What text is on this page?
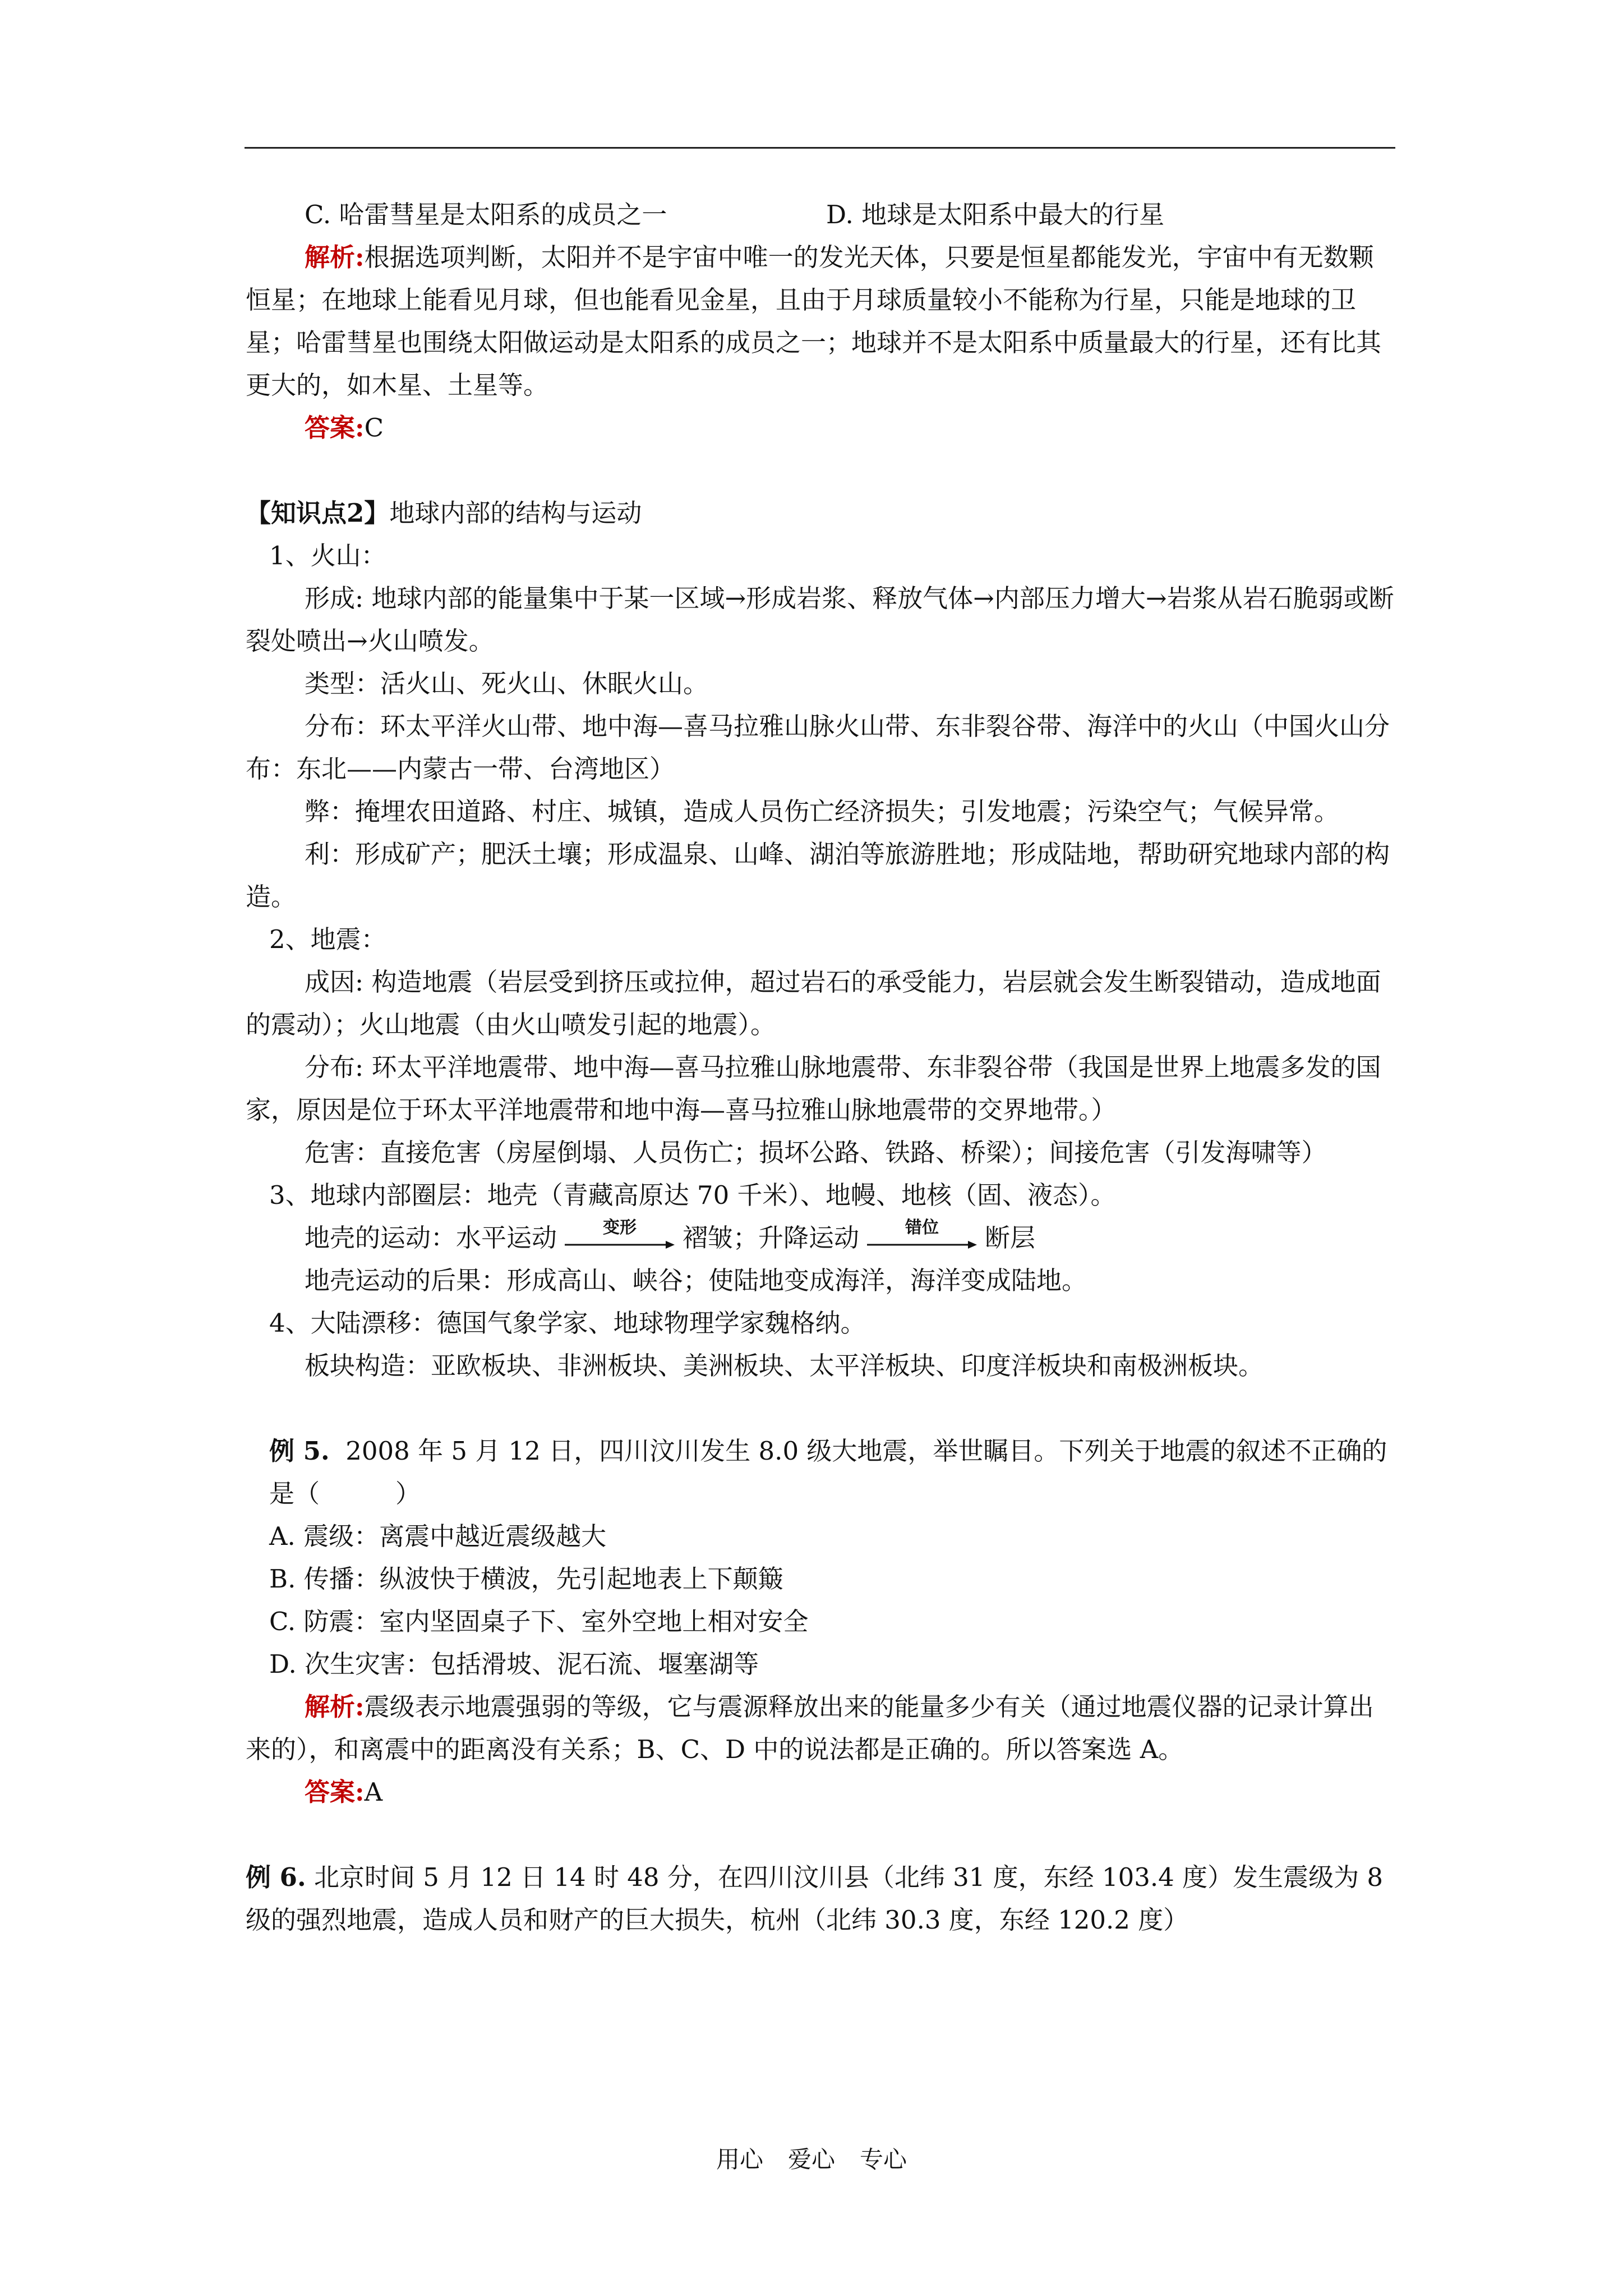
C. 哈雷彗星是太阳系的成员之一	D. 地球是太阳系中最大的行星

解析:根据选项判断，太阳并不是宇宙中唯一的发光天体，只要是恒星都能发光，宇宙中有无数颗恒星；在地球上能看见月球，但也能看见金星，且由于月球质量较小不能称为行星，只能是地球的卫星；哈雷彗星也围绕太阳做运动是太阳系的成员之一；地球并不是太阳系中质量最大的行星，还有比其更大的，如木星、土星等。

答案:C

【知识点2】地球内部的结构与运动

1、火山：

形成: 地球内部的能量集中于某一区域→形成岩浆、释放气体→内部压力增大→岩浆从岩石脆弱或断裂处喷出→火山喷发。

类型：活火山、死火山、休眠火山。

分布：环太平洋火山带、地中海—喜马拉雅山脉火山带、东非裂谷带、海洋中的火山（中国火山分布：东北——内蒙古一带、台湾地区）

弊：掩埋农田道路、村庄、城镇，造成人员伤亡经济损失；引发地震；污染空气；气候异常。

利：形成矿产；肥沃土壤；形成温泉、山峰、湖泊等旅游胜地；形成陆地，帮助研究地球内部的构造。

2、地震：

成因: 构造地震（岩层受到挤压或拉伸，超过岩石的承受能力，岩层就会发生断裂错动，造成地面的震动）；火山地震（由火山喷发引起的地震）。

分布: 环太平洋地震带、地中海—喜马拉雅山脉地震带、东非裂谷带（我国是世界上地震多发的国家，原因是位于环太平洋地震带和地中海—喜马拉雅山脉地震带的交界地带。）

危害：直接危害（房屋倒塌、人员伤亡；损坏公路、铁路、桥梁）；间接危害（引发海啸等）

3、地球内部圈层：地壳（青藏高原达 70 千米）、地幔、地核（固、液态）。

地壳的运动：水平运动	变形	褶皱；升降运动	错位	断层

地壳运动的后果：形成高山、峡谷；使陆地变成海洋，海洋变成陆地。

4、大陆漂移：德国气象学家、地球物理学家魏格纳。

板块构造：亚欧板块、非洲板块、美洲板块、太平洋板块、印度洋板块和南极洲板块。

例 5. 2008 年 5 月 12 日，四川汶川发生 8.0 级大地震，举世瞩目。下列关于地震的叙述不正确的是（　　　）

A. 震级：离震中越近震级越大

B. 传播：纵波快于横波，先引起地表上下颠簸

C. 防震：室内坚固桌子下、室外空地上相对安全

D. 次生灾害：包括滑坡、泥石流、堰塞湖等

解析:震级表示地震强弱的等级，它与震源释放出来的能量多少有关（通过地震仪器的记录计算出来的），和离震中的距离没有关系；B、C、D 中的说法都是正确的。所以答案选 A。

答案:A

例 6. 北京时间 5 月 12 日 14 时 48 分，在四川汶川县（北纬 31 度，东经 103.4 度）发生震级为 8 级的强烈地震，造成人员和财产的巨大损失，杭州（北纬 30.3 度，东经 120.2 度）

用心 爱心 专心
